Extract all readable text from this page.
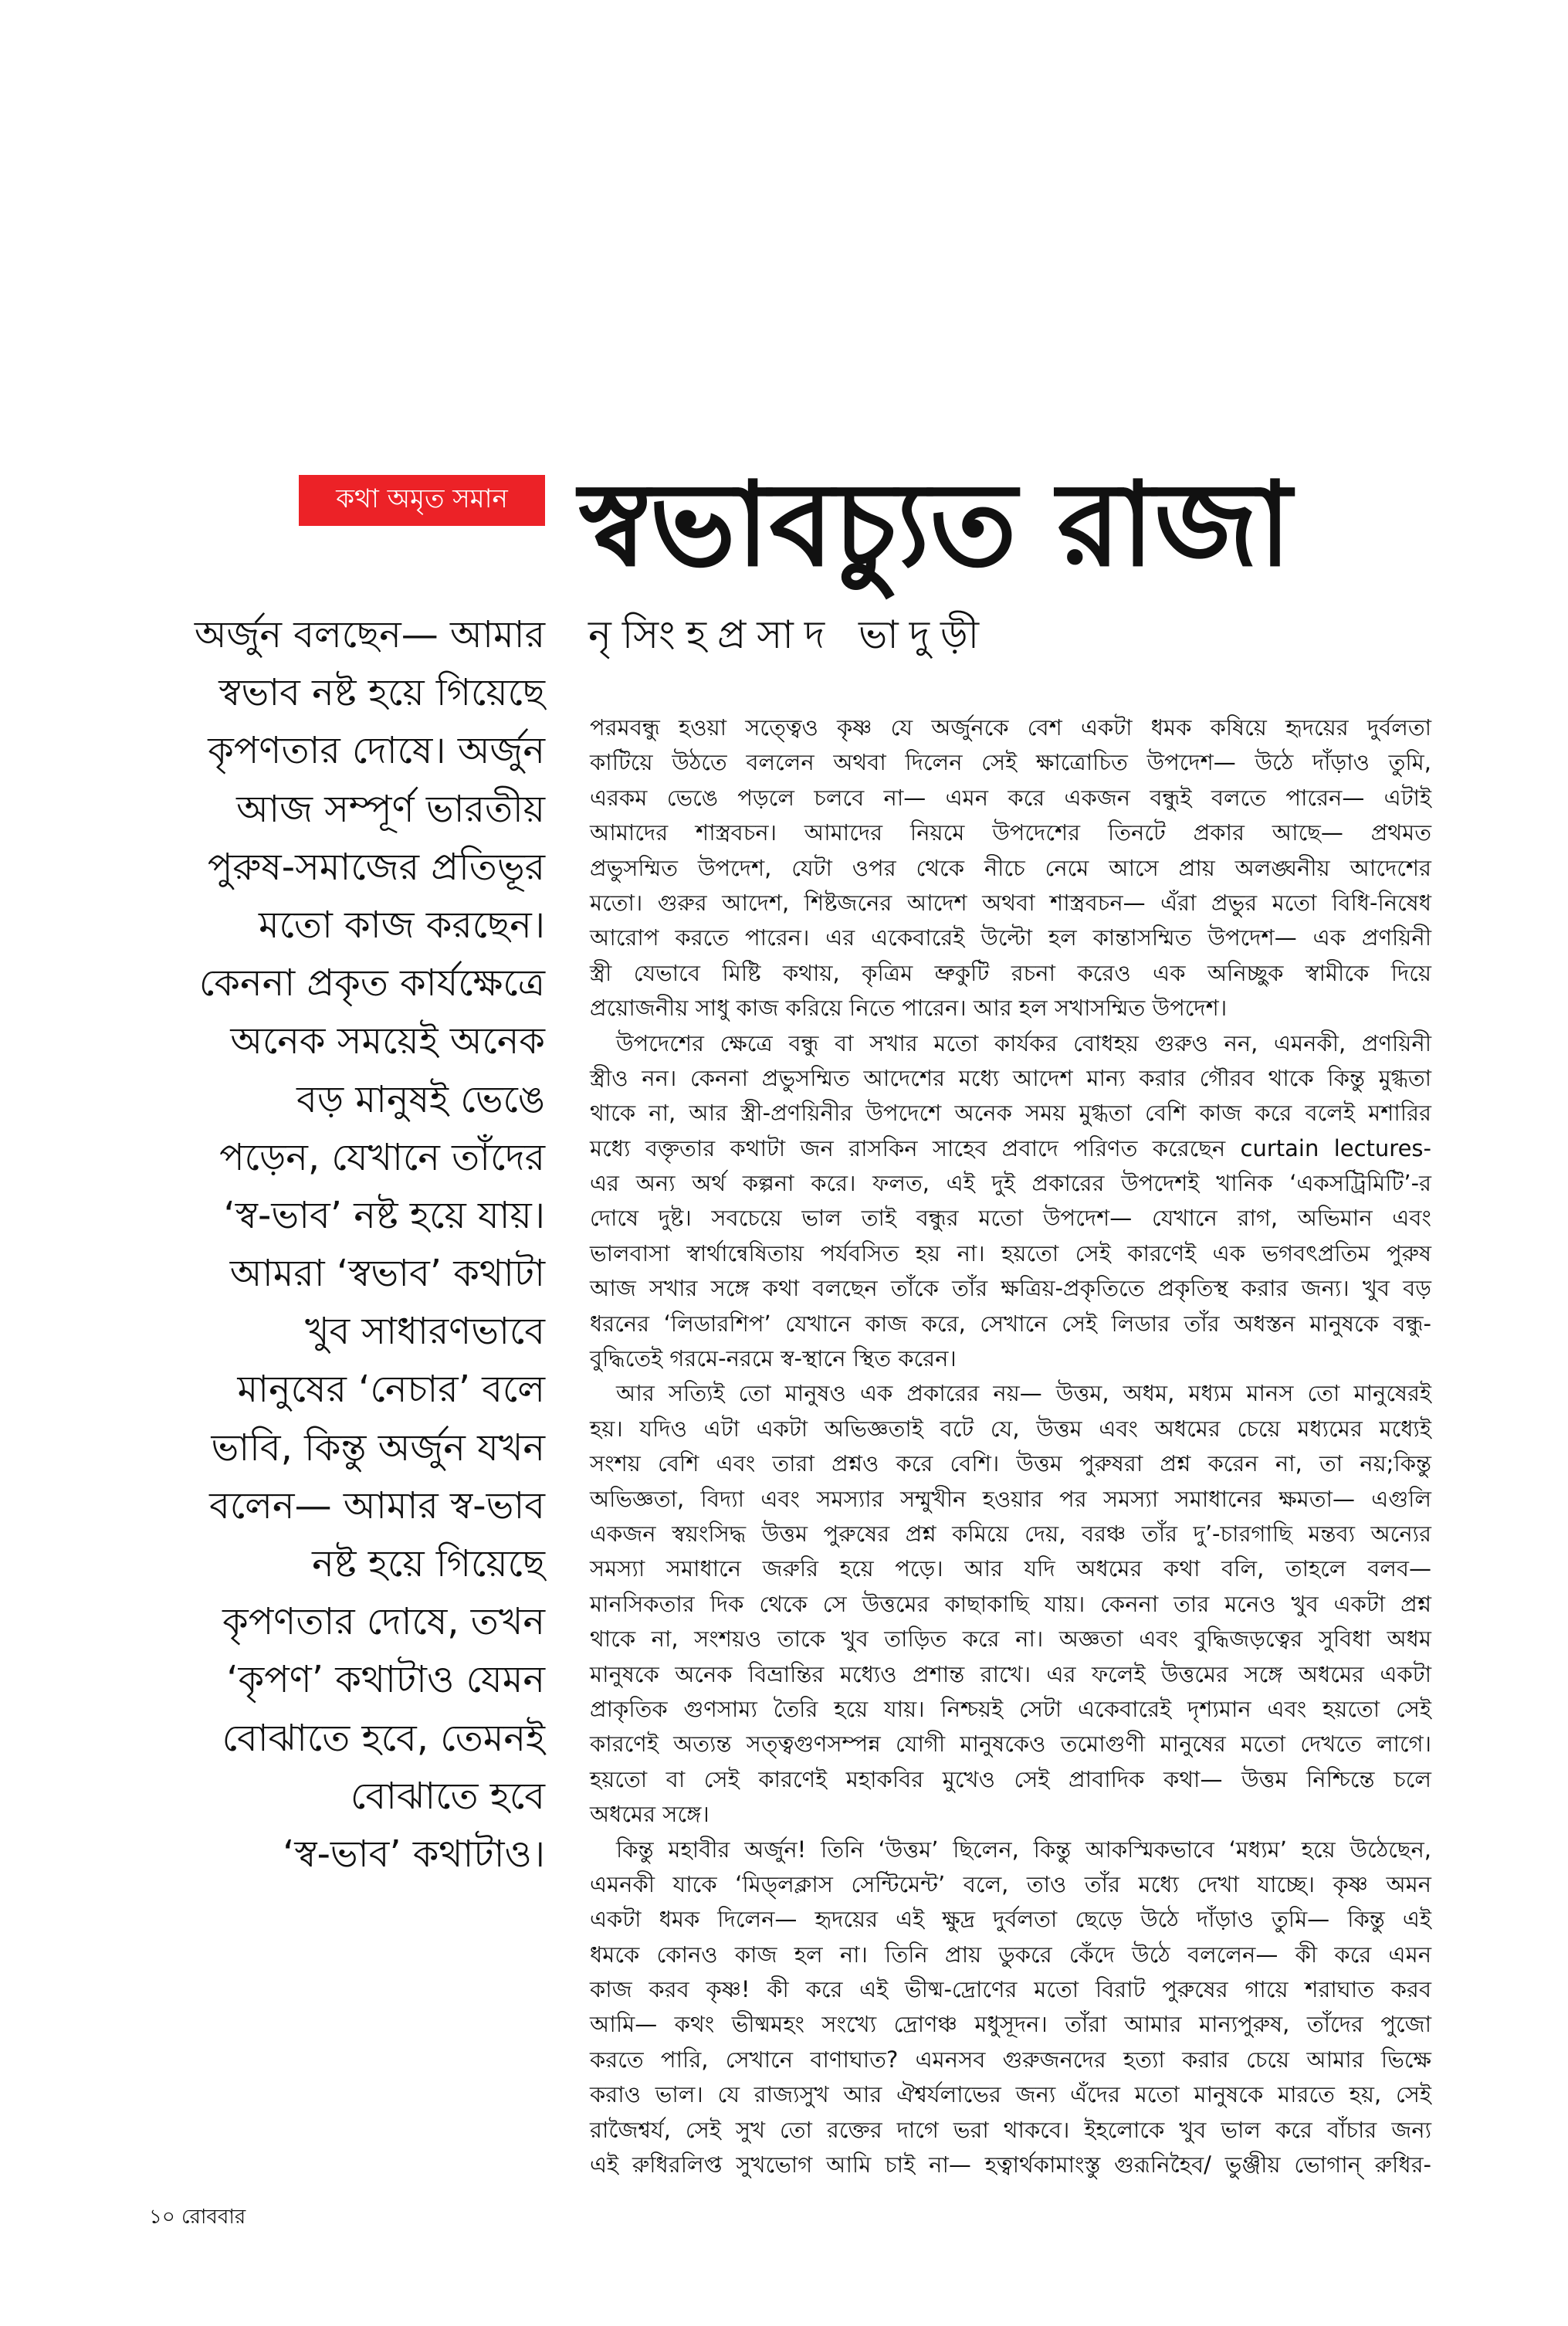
কথা অমৃত সমান স্বভাবচ্যুত রাজা
নৃসিংহপ্রসাদ ভাদুড়ী
অর্জুন বলছেন— আমার
স্বভাব নষ্ট হয়ে গিয়েছে
কৃপণতার দোষে। অর্জুন
আজ সম্পূর্ণ ভারতীয়
পুরুষ-সমাজের প্রতিভূর
মতো কাজ করছেন।
কেননা প্রকৃত কার্যক্ষেত্রে
অনেক সময়েই অনেক
বড় মানুষই ভেঙে
পড়েন, যেখানে তাঁদের
‘স্ব-ভাব’ নষ্ট হয়ে যায়।
আমরা ‘স্বভাব’ কথাটা
খুব সাধারণভাবে
মানুষের ‘নেচার’ বলে
ভাবি, কিন্তু অর্জুন যখন
বলেন— আমার স্ব-ভাব
নষ্ট হয়ে গিয়েছে
কৃপণতার দোষে, তখন
‘কৃপণ’ কথাটাও যেমন
বোঝাতে হবে, তেমনই
বোঝাতে হবে
‘স্ব-ভাব’ কথাটাও।
পরমবন্ধু হওয়া সত্ত্বেও কৃষ্ণ যে অর্জুনকে বেশ একটা ধমক কষিয়ে হৃদয়ের দুর্বলতা
কাটিয়ে উঠতে বললেন অথবা দিলেন সেই ক্ষাত্রোচিত উপদেশ— উঠে দাঁড়াও তুমি,
এরকম ভেঙে পড়লে চলবে না— এমন করে একজন বন্ধুই বলতে পারেন— এটাই
আমাদের শাস্ত্রবচন। আমাদের নিয়মে উপদেশের তিনটে প্রকার আছে— প্রথমত
প্রভুসম্মিত উপদেশ, যেটা ওপর থেকে নীচে নেমে আসে প্রায় অলঙ্ঘনীয় আদেশের
মতো। গুরুর আদেশ, শিষ্টজনের আদেশ অথবা শাস্ত্রবচন— এঁরা প্রভুর মতো বিধি-নিষেধ
আরোপ করতে পারেন। এর একেবারেই উল্টো হল কান্তাসম্মিত উপদেশ— এক প্রণয়িনী
স্ত্রী যেভাবে মিষ্টি কথায়, কৃত্রিম ভ্রুকুটি রচনা করেও এক অনিচ্ছুক স্বামীকে দিয়ে
প্রয়োজনীয় সাধু কাজ করিয়ে নিতে পারেন। আর হল সখাসম্মিত উপদেশ।
উপদেশের ক্ষেত্রে বন্ধু বা সখার মতো কার্যকর বোধহয় গুরুও নন, এমনকী, প্রণয়িনী
স্ত্রীও নন। কেননা প্রভুসম্মিত আদেশের মধ্যে আদেশ মান্য করার গৌরব থাকে কিন্তু মুগ্ধতা
থাকে না, আর স্ত্রী-প্রণয়িনীর উপদেশে অনেক সময় মুগ্ধতা বেশি কাজ করে বলেই মশারির
মধ্যে বক্তৃতার কথাটা জন রাসকিন সাহেব প্রবাদে পরিণত করেছেন curtain lectures-
এর অন্য অর্থ কল্পনা করে। ফলত, এই দুই প্রকারের উপদেশই খানিক ‘একসট্রিমিটি’-র
দোষে দুষ্ট। সবচেয়ে ভাল তাই বন্ধুর মতো উপদেশ— যেখানে রাগ, অভিমান এবং
ভালবাসা স্বার্থান্বেষিতায় পর্যবসিত হয় না। হয়তো সেই কারণেই এক ভগবৎপ্রতিম পুরুষ
আজ সখার সঙ্গে কথা বলছেন তাঁকে তাঁর ক্ষত্রিয়-প্রকৃতিতে প্রকৃতিস্থ করার জন্য। খুব বড়
ধরনের ‘লিডারশিপ’ যেখানে কাজ করে, সেখানে সেই লিডার তাঁর অধস্তন মানুষকে বন্ধু-
বুদ্ধিতেই গরমে-নরমে স্ব-স্থানে স্থিত করেন।
আর সত্যিই তো মানুষও এক প্রকারের নয়— উত্তম, অধম, মধ্যম মানস তো মানুষেরই
হয়। যদিও এটা একটা অভিজ্ঞতাই বটে যে, উত্তম এবং অধমের চেয়ে মধ্যমের মধ্যেই
সংশয় বেশি এবং তারা প্রশ্নও করে বেশি। উত্তম পুরুষরা প্রশ্ন করেন না, তা নয়;কিন্তু
অভিজ্ঞতা, বিদ্যা এবং সমস্যার সম্মুখীন হওয়ার পর সমস্যা সমাধানের ক্ষমতা— এগুলি
একজন স্বয়ংসিদ্ধ উত্তম পুরুষের প্রশ্ন কমিয়ে দেয়, বরঞ্চ তাঁর দু’-চারগাছি মন্তব্য অন্যের
সমস্যা সমাধানে জরুরি হয়ে পড়ে। আর যদি অধমের কথা বলি, তাহলে বলব—
মানসিকতার দিক থেকে সে উত্তমের কাছাকাছি যায়। কেননা তার মনেও খুব একটা প্রশ্ন
থাকে না, সংশয়ও তাকে খুব তাড়িত করে না। অজ্ঞতা এবং বুদ্ধিজড়ত্বের সুবিধা অধম
মানুষকে অনেক বিভ্রান্তির মধ্যেও প্রশান্ত রাখে। এর ফলেই উত্তমের সঙ্গে অধমের একটা
প্রাকৃতিক গুণসাম্য তৈরি হয়ে যায়। নিশ্চয়ই সেটা একেবারেই দৃশ্যমান এবং হয়তো সেই
কারণেই অত্যন্ত সত্ত্বগুণসম্পন্ন যোগী মানুষকেও তমোগুণী মানুষের মতো দেখতে লাগে।
হয়তো বা সেই কারণেই মহাকবির মুখেও সেই প্রাবাদিক কথা— উত্তম নিশ্চিন্তে চলে
অধমের সঙ্গে।
কিন্তু মহাবীর অর্জুন! তিনি ‘উত্তম’ ছিলেন, কিন্তু আকস্মিকভাবে ‘মধ্যম’ হয়ে উঠেছেন,
এমনকী যাকে ‘মিড্‌লক্লাস সেন্টিমেন্ট’ বলে, তাও তাঁর মধ্যে দেখা যাচ্ছে। কৃষ্ণ অমন
একটা ধমক দিলেন— হৃদয়ের এই ক্ষুদ্র দুর্বলতা ছেড়ে উঠে দাঁড়াও তুমি— কিন্তু এই
ধমকে কোনও কাজ হল না। তিনি প্রায় ডুকরে কেঁদে উঠে বললেন— কী করে এমন
কাজ করব কৃষ্ণ! কী করে এই ভীষ্ম-দ্রোণের মতো বিরাট পুরুষের গায়ে শরাঘাত করব
আমি— কথং ভীষ্মমহং সংখ্যে দ্রোণঞ্চ মধুসূদন। তাঁরা আমার মান্যপুরুষ, তাঁদের পুজো
করতে পারি, সেখানে বাণাঘাত? এমনসব গুরুজনদের হত্যা করার চেয়ে আমার ভিক্ষে
করাও ভাল। যে রাজ্যসুখ আর ঐশ্বর্যলাভের জন্য এঁদের মতো মানুষকে মারতে হয়, সেই
রাজৈশ্বর্য, সেই সুখ তো রক্তের দাগে ভরা থাকবে। ইহলোকে খুব ভাল করে বাঁচার জন্য
এই রুধিরলিপ্ত সুখভোগ আমি চাই না— হত্বার্থকামাংস্তু গুরূনিহৈব/ ভুঞ্জীয় ভোগান্ রুধির-
১০ রোববার
